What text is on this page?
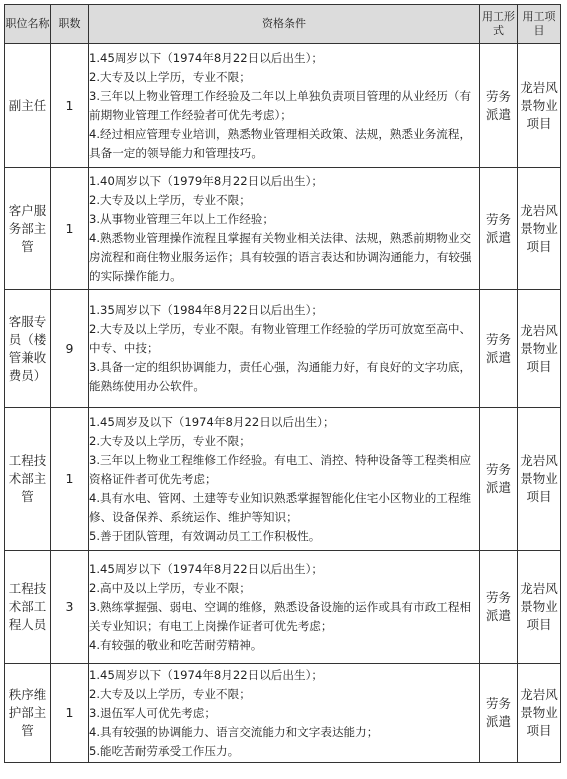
职位名称	职数	资格条件	用工形式	用工项目
副主任	1	1.45周岁以下（1974年8月22日以后出生）；
2.大专及以上学历，专业不限；
3.三年以上物业管理工作经验及二年以上单独负责项目管理的从业经历（有前期物业管理工作经验者可优先考虑）；
4.经过相应管理专业培训，熟悉物业管理相关政策、法规，熟悉业务流程，具备一定的领导能力和管理技巧。	劳务派遣	龙岩风景物业项目
客户服务部主管	1	1.40周岁以下（1979年8月22日以后出生）；
2.大专及以上学历，专业不限；
3.从事物业管理三年以上工作经验；
4.熟悉物业管理操作流程且掌握有关物业相关法律、法规，熟悉前期物业交房流程和商住物业服务运作；具有较强的语言表达和协调沟通能力，有较强的实际操作能力。	劳务派遣	龙岩风景物业项目
客服专员（楼管兼收费员）	9	1.35周岁以下（1984年8月22日以后出生）；
2.大专及以上学历，专业不限。有物业管理工作经验的学历可放宽至高中、中专、中技；
3.具备一定的组织协调能力，责任心强，沟通能力好，有良好的文字功底，能熟练使用办公软件。	劳务派遣	龙岩风景物业项目
工程技术部主管	1	1.45周岁及以下（1974年8月22日以后出生）；
2.大专及以上学历，专业不限；
3.三年以上物业工程维修工作经验。有电工、消控、特种设备等工程类相应资格证件者可优先考虑；
4.具有水电、管网、土建等专业知识熟悉掌握智能化住宅小区物业的工程维修、设备保养、系统运作、维护等知识；
5.善于团队管理，有效调动员工工作积极性。	劳务派遣	龙岩风景物业项目
工程技术部工程人员	3	1.45周岁以下（1974年8月22日以后出生）；
2.高中及以上学历，专业不限；
3.熟练掌握强、弱电、空调的维修，熟悉设备设施的运作或具有市政工程相关专业知识；有电工上岗操作证者可优先考虑；
4.有较强的敬业和吃苦耐劳精神。	劳务派遣	龙岩风景物业项目
秩序维护部主管	1	1.45周岁以下（1974年8月22日以后出生）；
2.大专及以上学历，专业不限；
3.退伍军人可优先考虑；
4.具有较强的协调能力、语言交流能力和文字表达能力；
5.能吃苦耐劳承受工作压力。	劳务派遣	龙岩风景物业项目
